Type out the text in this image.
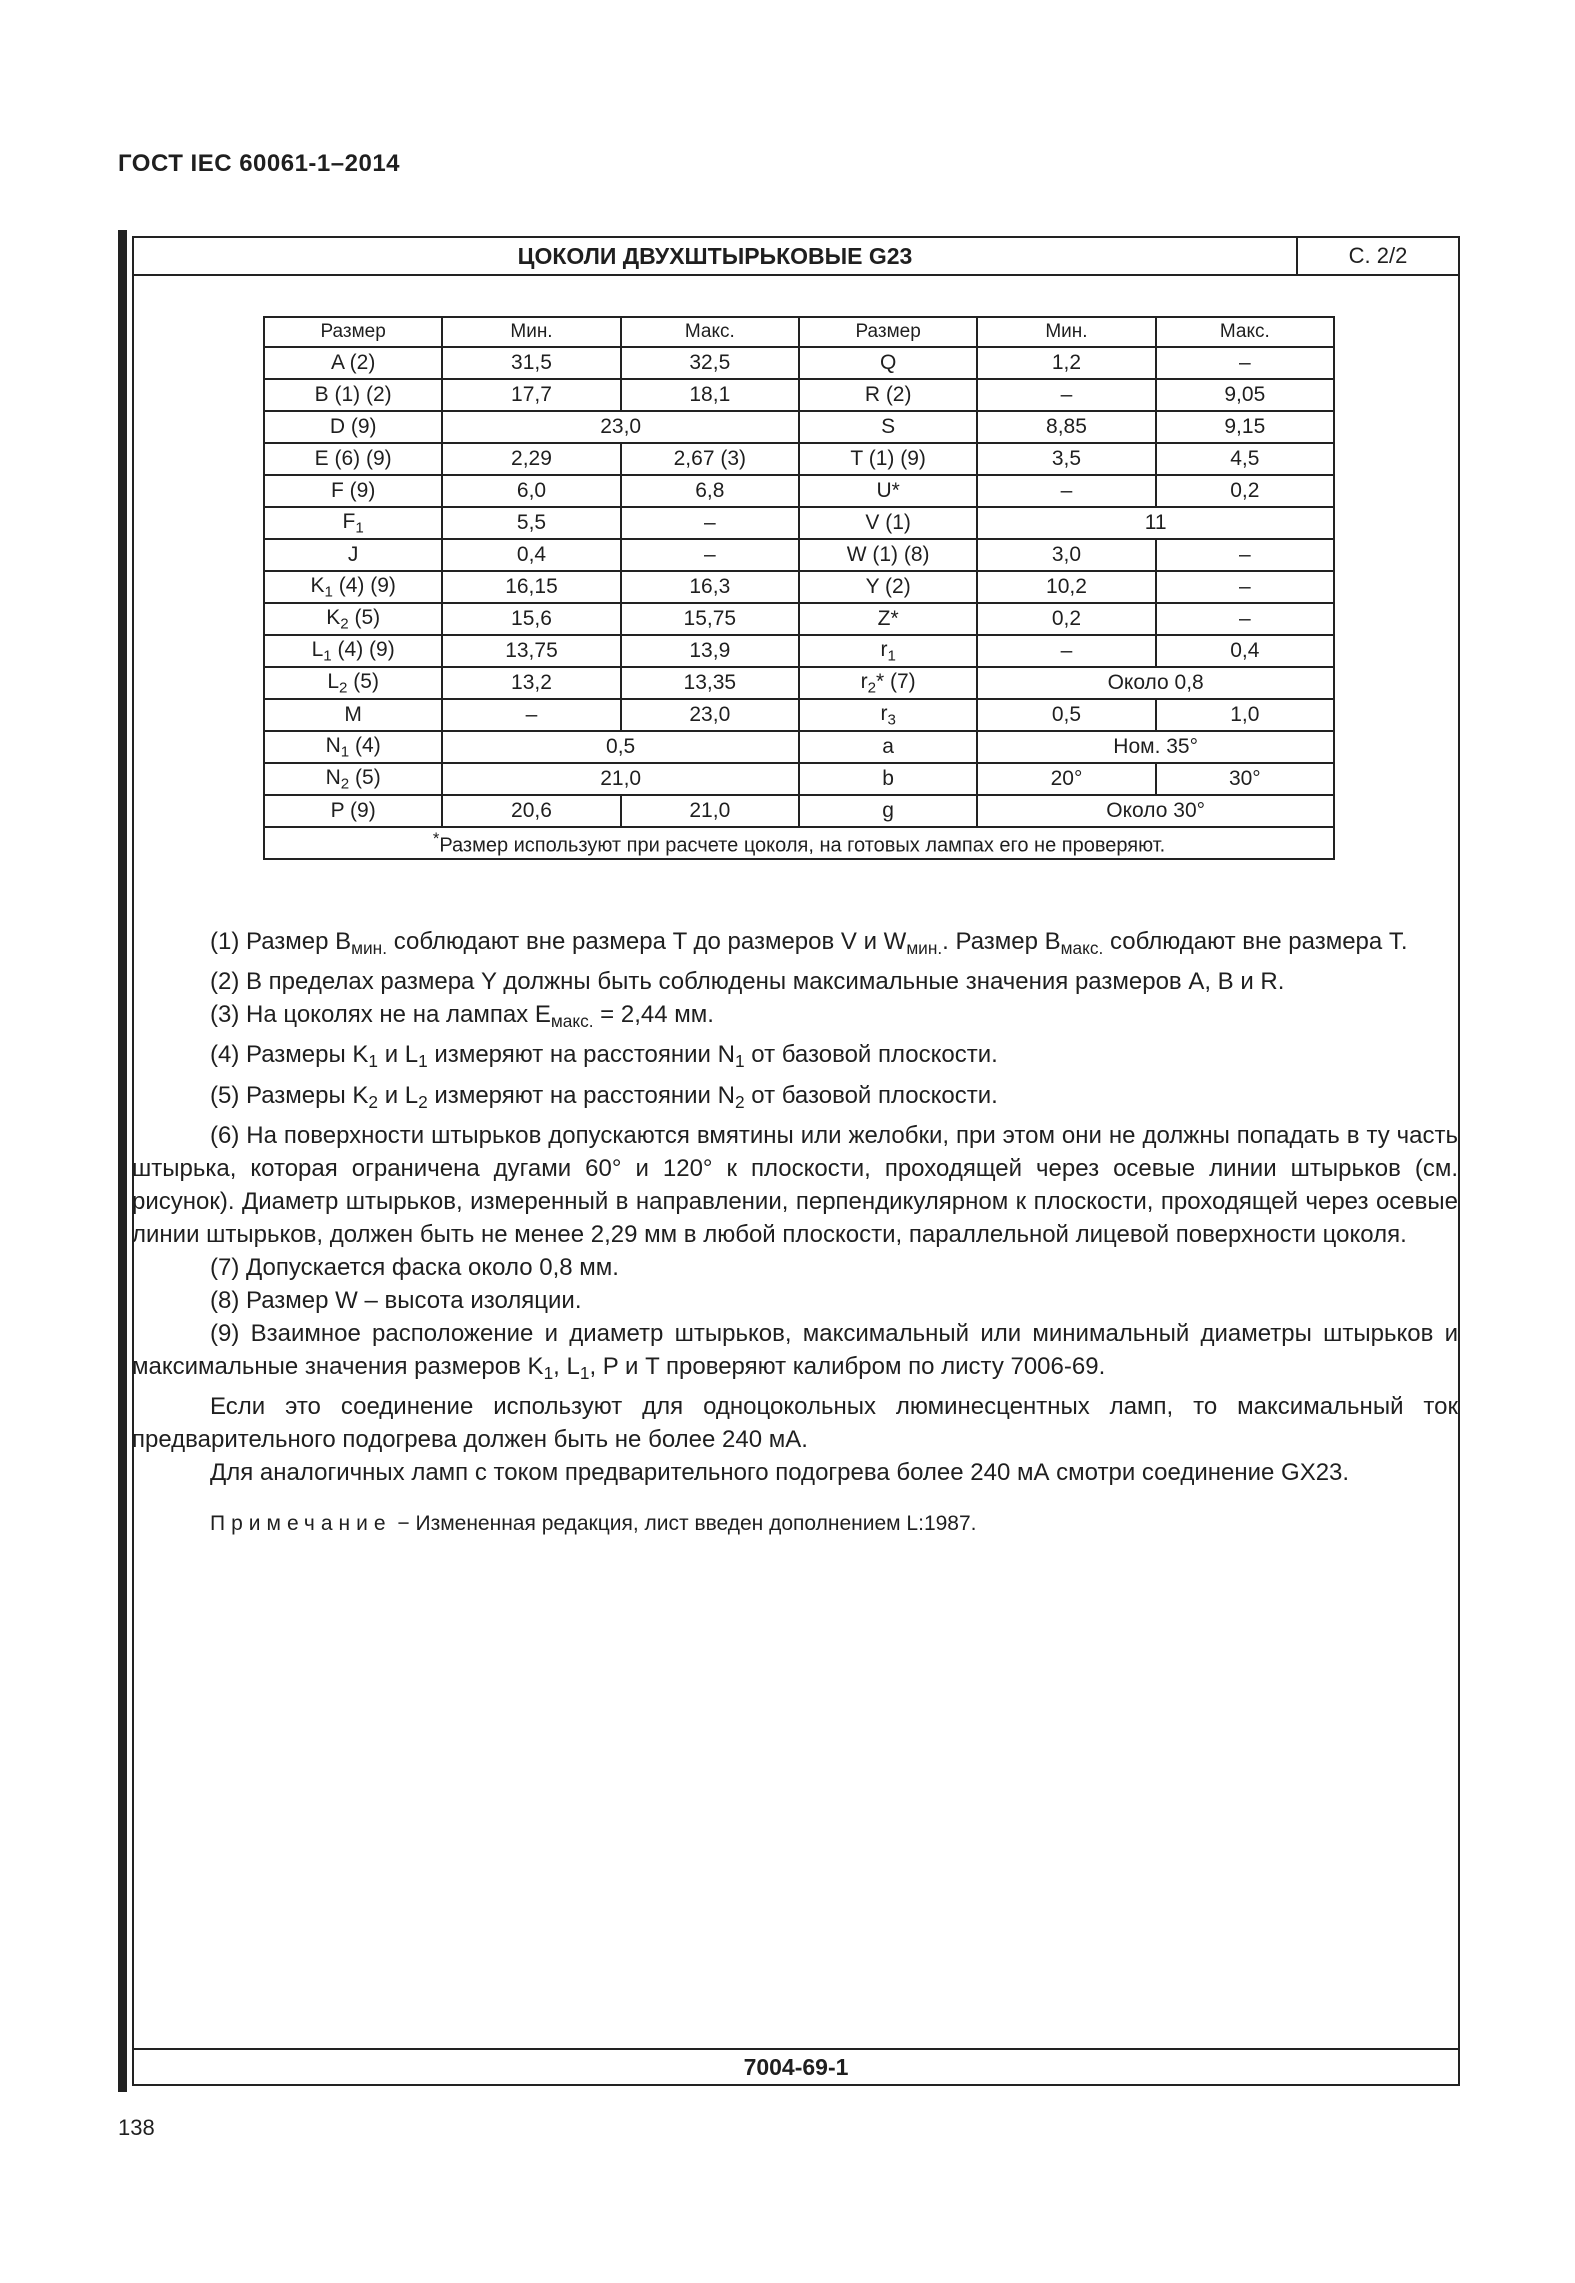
ГОСТ IEC 60061-1–2014
ЦОКОЛИ ДВУХШТЫРЬКОВЫЕ G23	С. 2/2
7004-69-1
Размер	Мин.	Макс.	Размер	Мин.	Макс.
A (2)	31,5	32,5	Q	1,2	–
B (1) (2)	17,7	18,1	R (2)	–	9,05
D (9)	23,0		S	8,85	9,15
E (6) (9)	2,29	2,67 (3)	T (1) (9)	3,5	4,5
F (9)	6,0	6,8	U*	–	0,2
$F_1$	5,5	–	V (1)	11	
J	0,4	–	W (1) (8)	3,0	–
$K_1$ (4) (9)	16,15	16,3	Y (2)	10,2	–
$K_2$ (5)	15,6	15,75	Z*	0,2	–
$L_1$ (4) (9)	13,75	13,9	$r_1$	–	0,4
$L_2$ (5)	13,2	13,35	$r_2*$ (7)	Около 0,8	
M	–	23,0	$r_3$	0,5	1,0
$N_1$ (4)	0,5		a	Ном. 35°	
$N_2$ (5)	21,0		b	20°	30°
P (9)	20,6	21,0	g	Около 30°	
*Размер используют при расчете цоколя, на готовых лампах его не проверяют.					

(1) Размер $B_{мин.}$ соблюдают вне размера T до размеров V и $W_{мин.}$. Размер $B_{макс.}$ соблюдают вне размера T.

(2) В пределах размера Y должны быть соблюдены максимальные значения размеров A, B и R.

(3) На цоколях не на лампах $E_{макс.} = 2,44$ мм.

(4) Размеры $K_1$ и $L_1$ измеряют на расстоянии $N_1$ от базовой плоскости.

(5) Размеры $K_2$ и $L_2$ измеряют на расстоянии $N_2$ от базовой плоскости.

(6) На поверхности штырьков допускаются вмятины или желобки, при этом они не должны попадать в ту часть штырька, которая ограничена дугами 60° и 120° к плоскости, проходящей через осевые линии штырьков (см. рисунок). Диаметр штырьков, измеренный в направлении, перпендикулярном к плоскости, проходящей через осевые линии штырьков, должен быть не менее 2,29 мм в любой плоскости, параллельной лицевой поверхности цоколя.

(7) Допускается фаска около 0,8 мм.

(8) Размер W – высота изоляции.

(9) Взаимное расположение и диаметр штырьков, максимальный или минимальный диаметры штырьков и максимальные значения размеров $K_1$, $L_1$, P и T проверяют калибром по листу 7006-69.

Если это соединение используют для одноцокольных люминесцентных ламп, то максимальный ток предварительного подогрева должен быть не более 240 мА.

Для аналогичных ламп с током предварительного подогрева более 240 мА смотри соединение GX23.

Примечание − Измененная редакция, лист введен дополнением L:1987.

138
